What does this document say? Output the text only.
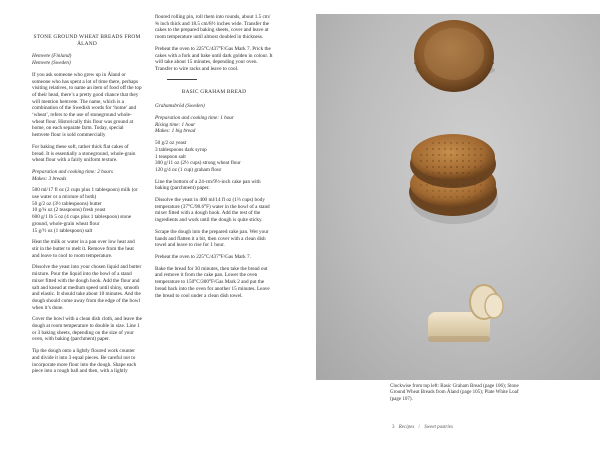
STONE GROUND WHEAT BREADS FROM ÅLAND

Hemvete (Finland)
Hemvete (Sweden)

If you ask someone who grew up in Åland or someone who has spent a lot of time there, perhaps visiting relatives, to name an item of food off the top of their head, there’s a pretty good chance that they will mention hemvete. The name, which is a combination of the Swedish words for ‘home’ and ‘wheat’, refers to the use of stoneground whole-wheat flour. Historically this flour was ground at home, on each separate farm. Today, special hemvete flour is sold commercially

For baking these soft, rather thick flat cakes of bread. It is essentially a stoneground, whole-grain wheat flour with a fairly uniform texture.

Preparation and cooking time: 2 hours
Makes: 3 breads

500 ml/17 fl oz (2 cups plus 1 tablespoon) milk (or use water or a mixture of both)
50 g/2 oz (3½ tablespoons) butter
10 g/¼ oz (2 teaspoons) fresh yeast
600 g/1 lb 5 oz (4 cups plus 1 tablespoon) stone ground, whole-grain wheat flour
15 g/½ oz (1 tablespoon) salt

Heat the milk or water in a pan over low heat and stir in the butter to melt it. Remove from the heat and leave to cool to room temperature.

Dissolve the yeast into your chosen liquid and butter mixture. Pour the liquid into the bowl of a stand mixer fitted with the dough hook. Add the flour and salt and knead at medium speed until shiny, smooth and elastic. It should take about 10 minutes. And the dough should come away from the edge of the bowl when it’s done.

Cover the bowl with a clean dish cloth, and leave the dough at room temperature to double in size. Line 1 or 3 baking sheets, depending on the size of your oven, with baking (parchment) paper.

Tip the dough onto a lightly floured work counter and divide it into 3 equal pieces. Be careful not to incorporate more flour into the dough. Shape each piece into a rough ball and then, with a lightly

floured rolling pin, roll them into rounds, about 1.5 cm/⅝ inch thick and 18.5 cm/8½ inches wide. Transfer the cakes to the prepared baking sheets, cover and leave at room temperature until almost doubled in thickness.

Preheat the oven to 225°C/437°F/Gas Mark 7. Prick the cakes with a fork and bake until dark golden in colour. It will take about 15 minutes, depending your oven. Transfer to wire racks and leave to cool.

BASIC GRAHAM BREAD

Grahamsbröd (Sweden)

Preparation and cooking time: 1 hour
Rising time: 1 hour
Makes: 1 big bread

50 g/2 oz yeast
3 tablespoons dark syrup
1 teaspoon salt
300 g/11 oz (2½ cups) strong wheat flour
120 g/4 oz (1 cup) graham flour

Line the bottom of a 24-cm/9½-inch cake pan with baking (parchment) paper.

Dissolve the yeast in 400 ml/14 fl oz (1⅔ cups) body temperature (37°C/98.6°F) water in the bowl of a stand mixer fitted with a dough hook. Add the rest of the ingredients and work until the dough is quite sticky.

Scrape the dough into the prepared cake pan. Wet your hands and flatten it a bit, then cover with a clean dish towel and leave to rise for 1 hour.

Preheat the oven to 225°C/437°F/Gas Mark 7.

Bake the bread for 30 minutes, then take the bread out and remove it from the cake pan. Lower the oven temperature to 150°C/300°F/Gas Mark 2 and put the bread back into the oven for another 15 minutes. Leave the bread to cool under a clean dish towel.

Clockwise from top left: Basic Graham Bread (page 106); Stone Ground Wheat Breads from Åland (page 105); Plate White Loaf (page 107).
3 Recipes / Sweet pastries
